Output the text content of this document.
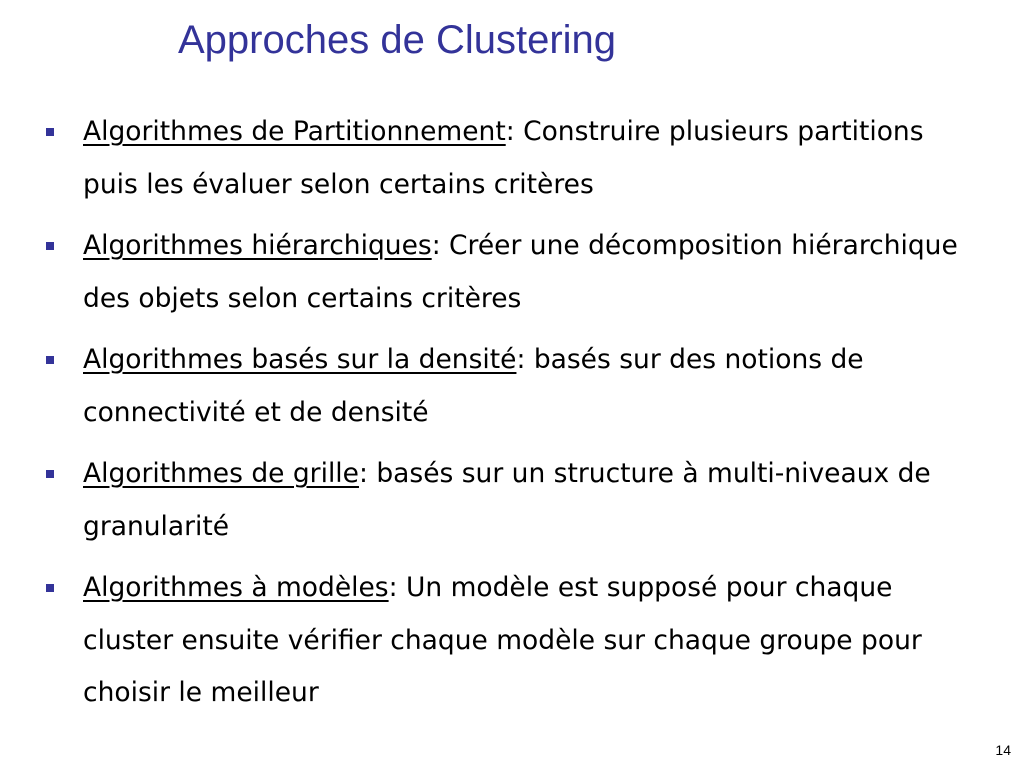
Approches de Clustering
Algorithmes de Partitionnement: Construire plusieurs partitions puis les évaluer selon certains critères
Algorithmes hiérarchiques: Créer une décomposition hiérarchique des objets selon certains critères
Algorithmes basés sur la densité: basés sur des notions de connectivité et de densité
Algorithmes de grille: basés sur un structure à multi-niveaux de granularité
Algorithmes à modèles: Un modèle est supposé pour chaque cluster ensuite vérifier chaque modèle sur chaque groupe pour choisir le meilleur
14
